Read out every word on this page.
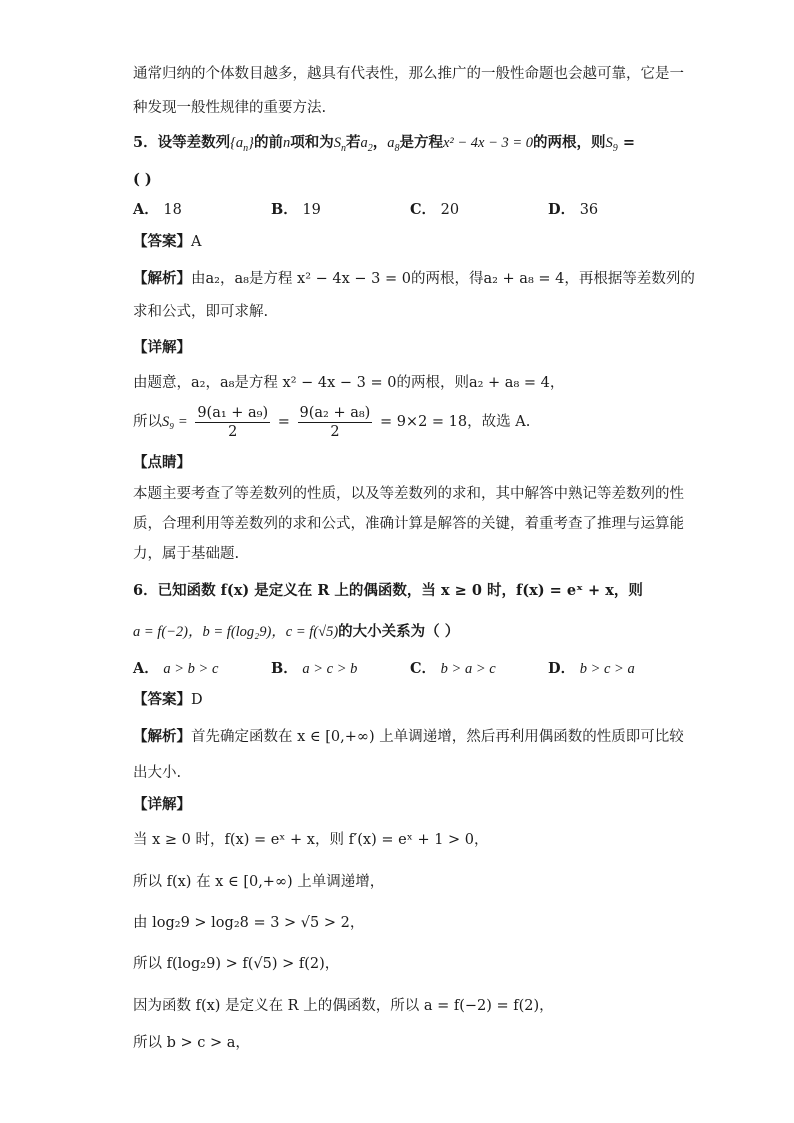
通常归纳的个体数目越多，越具有代表性，那么推广的一般性命题也会越可靠，它是一
种发现一般性规律的重要方法.
5．设等差数列$\{a_n\}$的前n项和为$S_n$若$a_2$，$a_8$是方程x² − 4x − 3 = 0的两根，则$S_9$ =
( )
A． 18	B． 19	C． 20	D． 36
【答案】A
【解析】由a₂，a₈是方程 x² − 4x − 3 = 0的两根，得a₂ + a₈ = 4，再根据等差数列的
求和公式，即可求解.
【详解】
由题意，a₂，a₈是方程 x² − 4x − 3 = 0的两根，则a₂ + a₈ = 4，
所以$S_9 = \frac{\text{9(a₁ + a₉)}}{2} = \frac{\text{9(a₂ + a₈)}}{2} = 9\times 2 = 18$，故选 A.
【点睛】
本题主要考查了等差数列的性质，以及等差数列的求和，其中解答中熟记等差数列的性
质，合理利用等差数列的求和公式，准确计算是解答的关键，着重考查了推理与运算能
力，属于基础题.
6．已知函数 f(x) 是定义在 R 上的偶函数，当 x ≥ 0 时，f(x) = eˣ + x，则
a = f(−2)，b = f(log₂9)，c = f(√5)的大小关系为（ ）
A． a > b > c	B． a > c > b	C． b > a > c	D． b > c > a
【答案】D
【解析】首先确定函数在 x ∈ [0,+∞) 上单调递增，然后再利用偶函数的性质即可比较
出大小.
【详解】
当 x ≥ 0 时，f(x) = eˣ + x，则 f′(x) = eˣ + 1 > 0，
所以 f(x) 在 x ∈ [0,+∞) 上单调递增，
由 log₂9 > log₂8 = 3 > √5 > 2，
所以 f(log₂9) > f(√5) > f(2)，
因为函数 f(x) 是定义在 R 上的偶函数，所以 a = f(−2) = f(2)，
所以 b > c > a，
